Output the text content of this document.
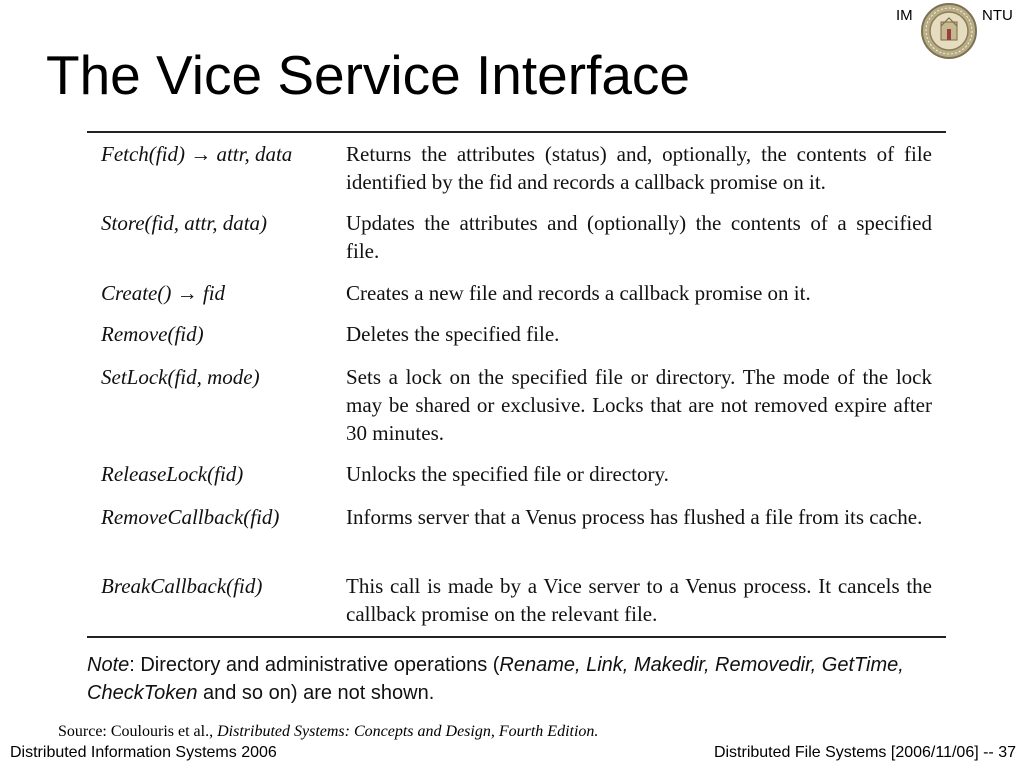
IM	NTU
The Vice Service Interface
Fetch(fid) → attr, data	Returns the attributes (status) and, optionally, the contents of file identified by the fid and records a callback promise on it.
Store(fid, attr, data)	Updates the attributes and (optionally) the contents of a specified file.
Create() → fid	Creates a new file and records a callback promise on it.
Remove(fid)	Deletes the specified file.
SetLock(fid, mode)	Sets a lock on the specified file or directory. The mode of the lock may be shared or exclusive. Locks that are not removed expire after 30 minutes.
ReleaseLock(fid)	Unlocks the specified file or directory.
RemoveCallback(fid)	Informs server that a Venus process has flushed a file from its cache.
BreakCallback(fid)	This call is made by a Vice server to a Venus process. It cancels the callback promise on the relevant file.
Note: Directory and administrative operations (Rename, Link, Makedir, Removedir, GetTime, CheckToken and so on) are not shown.
Source: Coulouris et al., Distributed Systems: Concepts and Design, Fourth Edition.
Distributed Information Systems 2006	Distributed File Systems [2006/11/06] -- 37
